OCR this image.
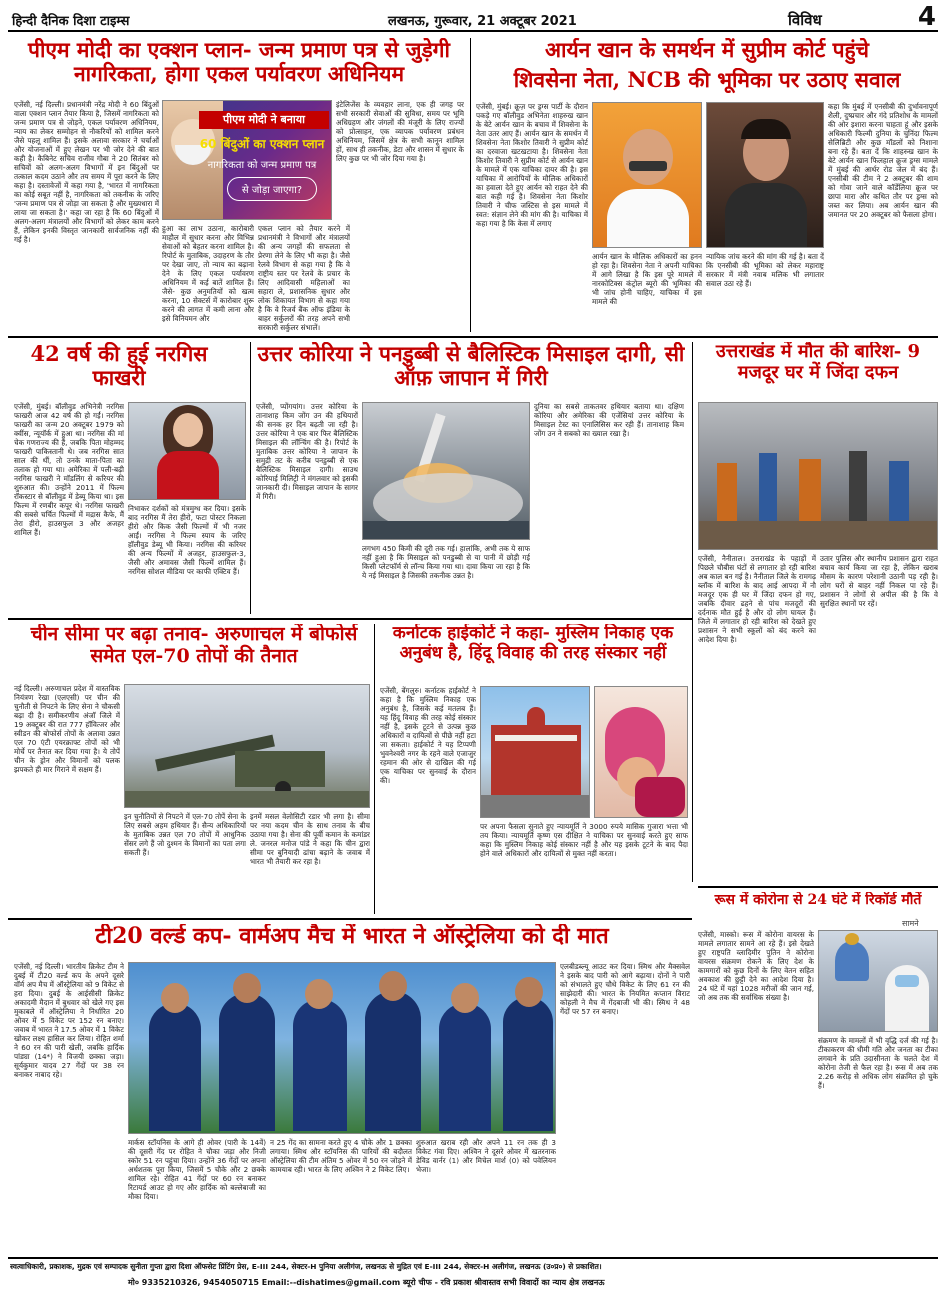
हिन्दी दैनिक दिशा टाइम्स	लखनऊ, गुरूवार, 21 अक्टूबर 2021	विविध	4
पीएम मोदी का एक्शन प्लान- जन्म प्रमाण पत्र से जुड़ेगी नागरिकता, होगा एकल पर्यावरण अधिनियम
एजेंसी, नई दिल्ली। प्रधानमंत्री नरेंद्र मोदी ने 60 बिंदुओं वाला एक्शन प्लान तैयार किया है, जिसमें नागरिकता को जन्म प्रमाण पत्र से जोड़ने, एकल पर्यावरण अधिनियम, न्याय का लेकर सम्मोहन से नौकरियों को शामिल करने जैसे पहलू शामिल हैं। इसके अलावा सरकार ने चर्चाओं और योजनाओं में हुए लेखन पर भी जोर देने की बात कही है। कैबिनेट सचिव राजीव गौबा ने 20 सितंबर को सचिवों को अलग-अलग विभागों में इन बिंदुओं पर तत्काल कदम उठाने और तय समय में पूरा करने के लिए कहा है। दस्तावेजों में कहा गया है, 'भारत में नागरिकता का कोई सबूत नहीं है, नागरिकता को तकनीक के जरिए 'जन्म प्रमाण पत्र से जोड़ा जा सकता है और मुख्यधारा में लाया जा सकता है।' कहा जा रहा है कि 60 बिंदुओं में अलग-अलग मंत्रालयों और विभागों को लेकर काम करने हैं, लेकिन इनकी विस्तृत जानकारी सार्वजनिक नहीं की गई है।
पीएम मोदी ने बनाया
60 बिंदुओं का एक्शन प्लान
नागरिकता को जन्म प्रमाण पत्र
से जोड़ा जाएगा?
हुआ का लाभ उठाना, कारोबारी माहौल में सुधार करना और विभिन्न सेवाओं को बेहतर करना शामिल है। रिपोर्ट के मुताबिक, उदाहरण के तौर पर देखा जाए, तो न्याय का बढ़ाना देने के लिए एकल पर्यावरण अधिनियम में कई बातें शामिल हैं। जैसे- कुछ अनुमतियों को खत्म करना, 10 सेक्टर्स में कारोबार शुरू करने की लागत में कमी लाना और इसे विनियमन और
एकल प्लान को तैयार करने में प्रधानमंत्री ने विभागों और मंत्रालयों की अन्य जगहों की सफलता से प्रेरणा लेने के लिए भी कहा है। जैसे रेलवे विभाग से कहा गया है कि वे राष्ट्रीय स्तर पर रेलवे के प्रचार के लिए आदिवासी महिलाओं का सहारा ले, प्रशासनिक सुधार और लोक शिकायत विभाग से कहा गया है कि वे रिजर्व बैंक ऑफ इंडिया के बाहर सर्कुलरों की तरह अपने सभी सरकारी सर्कुलर संभालें।
इंटेलिजेंस के व्यवहार लाना, एक ही जगह पर सभी सरकारी सेवाओं की सुविधा, समय पर भूमि अधिग्रहण और जंगलों की मंजूरी के लिए राज्यों को प्रोत्साहन, एक व्यापक पर्यावरण प्रबंधन अधिनियम, जिसमें क्षेत्र के सभी कानून शामिल हों, साथ ही तकनीक, डेटा और शासन में सुधार के लिए कुछ पर भी जोर दिया गया है।
आर्यन खान के समर्थन में सुप्रीम कोर्ट पहुंचे
शिवसेना नेता, NCB की भूमिका पर उठाए सवाल
एजेंसी, मुंबई। क्रूज़ पर ड्रग्स पार्टी के दौरान पकड़े गए बॉलीवुड अभिनेता शाहरुख खान के बेटे आर्यन खान के बचाव में शिवसेना के नेता उतर आए हैं। आर्यन खान के समर्थन में शिवसेना नेता किशोर तिवारी ने सुप्रीम कोर्ट का दरवाजा खटखटाया है। शिवसेना नेता किशोर तिवारी ने सुप्रीम कोर्ट से आर्यन खान के मामले में एक याचिका दायर की है। इस याचिका में आरोपियों के मौलिक अधिकारों का हवाला देते हुए आर्यन को राहत देने की बात कही गई है। शिवसेना नेता किशोर तिवारी ने चीफ जस्टिस से इस मामले में स्वत: संज्ञान लेने की मांग की है। याचिका में कहा गया है कि केस में लगाए
आर्यन खान के मौलिक अधिकारों का हनन हो रहा है। शिवसेना नेता ने अपनी याचिका में आगे लिखा है कि इस पूरे मामले में नारकोटिक्स कंट्रोल ब्यूरो की भूमिका की भी जांच होनी चाहिए, याचिका में इस मामले की
न्यायिक जांच करने की मांग की गई है। बता दें कि एनसीबी की भूमिका को लेकर महाराष्ट्र सरकार में मंत्री नवाब मलिक भी लगातार सवाल उठा रहे हैं।
कहा कि मुंबई में एनसीबी की दुर्भावनापूर्ण शैली, दुष्प्रचार और गंदे प्रतिशोध के मामलों की ओर इशारा करना चाहता हूं और इसके अधिकारी फिल्मी दुनिया के चुनिंदा फिल्म सेलिब्रिटी और कुछ मॉडलों को निशाना बना रहे हैं। बता दें कि शाहरुख खान के बेटे आर्यन खान फिलहाल क्रूज ड्रग्स मामले में मुंबई की आर्थर रोड जेल में बंद हैं। एनसीबी की टीम ने 2 अक्टूबर की शाम को गोवा जाने वाले कॉर्डेलिया क्रूज पर छापा मारा और कथित तौर पर ड्रग्स को जब्त कर लिया। अब आर्यन खान की जमानत पर 20 अक्टूबर को फैसला होगा।
42 वर्ष की हुई नरगिस फाखरी
एजेंसी, मुंबई। बॉलीवुड अभिनेत्री नरगिस फाखरी आज 42 वर्ष की हो गईं। नरगिस फाखरी का जन्म 20 अक्टूबर 1979 को क्वींस, न्यूयॉर्क में हुआ था। नरगिस की मां चेक गणराज्य की हैं, जबकि पिता मोहम्मद फाखरी पाकिस्तानी थे। जब नरगिस सात साल की थीं, तो उनके माता-पिता का तलाक हो गया था। अमेरिका में पली-बढ़ी नरगिस फाखरी ने मॉडलिंग से करियर की शुरुआत की। उन्होंने 2011 में फिल्म रॉकस्टार से बॉलीवुड में डेब्यू किया था। इस फिल्म में रणबीर कपूर थे। नरगिस फाखरी की सबसे चर्चित फिल्मों में मद्रास कैफे, मैं तेरा हीरो, हाउसफुल 3 और अजहर शामिल हैं।
निभाकर दर्शकों को मंत्रमुग्ध कर दिया। इसके बाद नरगिस मैं तेरा हीरो, फटा पोस्टर निकला हीरो और किक जैसी फिल्मों में भी नजर आईं। नरगिस ने फिल्म स्पाय के जरिए हॉलीवुड डेब्यू भी किया। नरगिस की करियर की अन्य फिल्मों में अजहर, हाउसफुल-3, जैसी और अमावस जैसी फिल्में शामिल हैं। नरगिस सोशल मीडिया पर काफी एक्टिव हैं।
उत्तर कोरिया ने पनडुब्बी से बैलिस्टिक मिसाइल दागी, सी ऑफ़ जापान में गिरी
एजेंसी, प्योंगयांग। उत्तर कोरिया के तानाशाह किम जोंग उन की हथियारों की सनक हर दिन बढ़ती जा रही है। उत्तर कोरिया ने एक बार फिर बैलिस्टिक मिसाइल की लॉन्चिंग की है। रिपोर्ट के मुताबिक उत्तर कोरिया ने जापान के समुद्री तट के करीब पनडुब्बी से एक बैलिस्टिक मिसाइल दागी। साउथ कोरियाई मिलिट्री ने मंगलवार को इसकी जानकारी दी। मिसाइल जापान के सागर में गिरी।
लगभग 450 किमी की दूरी तक गई। हालांकि, अभी तक ये साफ नहीं हुआ है कि मिसाइल को पनडुब्बी से या पानी में छोड़ी गई किसी प्लेटफॉर्म से लॉन्च किया गया था। दावा किया जा रहा है कि ये नई मिसाइल है जिसकी तकनीक उन्नत है।
दुनिया का सबसे ताकतवर हथियार बताया था। दक्षिण कोरिया और अमेरिका की एजेंसियां उत्तर कोरिया के मिसाइल टेस्ट का एनालिसिस कर रही हैं। तानाशाह किम जोंग उन ने सबको का ख्याल रखा है।
उत्तराखंड में मौत की बारिश- 9 मजदूर घर में जिंदा दफन
एजेंसी, नैनीताल। उत्तराखंड के पहाड़ों में पिछले चौबीस घंटों से लगातार हो रही बारिश अब काल बन गई है। नैनीताल जिले के रामगढ़ ब्लॉक में बारिश के बाद आई आपदा में नौ मजदूर एक ही घर में जिंदा दफन हो गए, जबकि दीवार ढहने से पांच मजदूरों की दर्दनाक मौत हुई है और दो लोग घायल हैं। जिले में लगातार हो रही बारिश को देखते हुए प्रशासन ने सभी स्कूलों को बंद करने का आदेश दिया है।
उतार पुलिस और स्थानीय प्रशासन द्वारा राहत बचाव कार्य किया जा रहा है, लेकिन खराब मौसम के कारण परेशानी उठानी पड़ रही है। लोग घरों से बाहर नहीं निकल पा रहे हैं। प्रशासन ने लोगों से अपील की है कि वे सुरक्षित स्थानों पर रहें।
चीन सीमा पर बढ़ा तनाव- अरुणाचल में बोफोर्स समेत एल-70 तोपों की तैनात
नई दिल्ली। अरुणाचल प्रदेश में वास्तविक नियंत्रण रेखा (एलएसी) पर चीन की चुनौती से निपटने के लिए सेना ने चौकसी बढ़ा दी है। समीकरणीय अंजॉ जिले में 19 अक्टूबर की रात 777 हॉवित्जर और स्वीडन की बोफोर्स तोपों के अलावा उन्नत एल 70 एंटी एयरक्राफ्ट तोपों को भी मोर्चे पर तैनात कर दिया गया है। ये तोपें चीन के ड्रोन और विमानों को पलक झपकते ही मार गिराने में सक्षम हैं।
इन चुनौतियों से निपटने में एल-70 तोपें सेना के लिए सबसे अहम हथियार हैं। सैन्य अधिकारियों के मुताबिक उन्नत एल 70 तोपों में आधुनिक सेंसर लगे हैं जो दुश्मन के विमानों का पता लगा सकती हैं।
इनमें मसल वेलोसिटी रडार भी लगा है। सीमा पर नया कदम चीन के साथ तनाव के बीच उठाया गया है। सेना की पूर्वी कमान के कमांडर ले. जनरल मनोज पांडे ने कहा कि चीन द्वारा सीमा पर बुनियादी ढांचा बढ़ाने के जवाब में भारत भी तैयारी कर रहा है।
कर्नाटक हाईकोर्ट ने कहा- मुस्लिम निकाह एक अनुबंध है, हिंदू विवाह की तरह संस्कार नहीं
एजेंसी, बेंगलुरु। कर्नाटक हाईकोर्ट ने कहा है कि मुस्लिम निकाह एक अनुबंध है, जिसके कई मतलब हैं। यह हिंदू विवाह की तरह कोई संस्कार नहीं है, इसके टूटने से उत्पन्न कुछ अधिकारों व दायित्वों से पीछे नहीं हटा जा सकता। हाईकोर्ट ने यह टिप्पणी भुवनेश्वरी नगर के रहने वाले एजाजुर रहमान की ओर से दाखिल की गई एक याचिका पर सुनवाई के दौरान की।
पर अपना फैसला सुनाते हुए न्यायमूर्ति ने 3000 रुपये मासिक गुजारा भत्ता भी तय किया। न्यायमूर्ति कृष्ण एस दीक्षित ने याचिका पर सुनवाई करते हुए साफ कहा कि मुस्लिम निकाह कोई संस्कार नहीं है और यह इसके टूटने के बाद पैदा होने वाले अधिकारों और दायित्वों से मुक्त नहीं करता।
रूस में कोरोना से 24 घंटे में रिकॉर्ड मौतें
सामने
एजेंसी, मास्को। रूस में कोरोना वायरस के मामले लगातार सामने आ रहे हैं। इसे देखते हुए राष्ट्रपति व्लादिमीर पुतिन ने कोरोना वायरस संक्रमण रोकने के लिए देश के कामगारों को कुछ दिनों के लिए वेतन सहित अवकाश की छुट्टी देने का आदेश दिया है। 24 घंटे में यहां 1028 मरीजों की जान गई, जो अब तक की सर्वाधिक संख्या है।
संक्रमण के मामलों में भी वृद्धि दर्ज की गई है। टीकाकरण की धीमी गति और जनता का टीका लगवाने के प्रति उदासीनता के चलते देश में कोरोना तेजी से फैल रहा है। रूस में अब तक 2.26 करोड़ से अधिक लोग संक्रमित हो चुके हैं।
टी20 वर्ल्ड कप- वार्मअप मैच में भारत ने ऑस्ट्रेलिया को दी मात
एजेंसी, नई दिल्ली। भारतीय क्रिकेट टीम ने दुबई में टी20 वर्ल्ड कप के अपने दूसरे वॉर्म अप मैच में ऑस्ट्रेलिया को 9 विकेट से हरा दिया। दुबई के आईसीसी क्रिकेट अकादमी मैदान में बुधवार को खेले गए इस मुकाबले में ऑस्ट्रेलिया ने निर्धारित 20 ओवर में 5 विकेट पर 152 रन बनाए। जवाब में भारत ने 17.5 ओवर में 1 विकेट खोकर लक्ष्य हासिल कर लिया। रोहित शर्मा ने 60 रन की पारी खेली, जबकि हार्दिक पांड्या (14*) ने विजयी छक्का जड़ा। सूर्यकुमार यादव 27 गेंदों पर 38 रन बनाकर नाबाद रहे।
मार्कस स्टॉयनिस के आगे ही ओवर (पारी के 14वें) की दूसरी गेंद पर रोहित ने चौका जड़ा और निजी स्कोर 51 रन पहुंचा दिया। उन्होंने 36 गेंदों पर अपना अर्धशतक पूरा किया, जिसमें 5 चौके और 2 छक्के शामिल रहे। रोहित 41 गेंदों पर 60 रन बनाकर रिटायर्ड आउट हो गए और हार्दिक को बल्लेबाजी का मौका दिया।
न 25 गेंद का सामना करते हुए 4 चौके और 1 छक्का लगाया। स्मिथ और स्टॉयनिस की पारियों की बदौलत ऑस्ट्रेलिया की टीम अंतिम 5 ओवर में 50 रन जोड़ने में कामयाब रही। भारत के लिए अश्विन ने 2 विकेट लिए।
शुरुआत खराब रही और अपने 11 रन तक ही 3 विकेट गंवा दिए। अश्विन ने दूसरे ओवर में खतरनाक डेविड वार्नर (1) और मिचेल मार्श (0) को पवेलियन भेजा।
एलबीडब्ल्यू आउट कर दिया। स्मिथ और मैक्सवेल ने इसके बाद पारी को आगे बढ़ाया। दोनों ने पारी को संभालते हुए चौथे विकेट के लिए 61 रन की साझेदारी की। भारत के नियमित कप्तान विराट कोहली ने मैच में गेंदबाजी भी की। स्मिथ ने 48 गेंदों पर 57 रन बनाए।
स्वत्वाधिकारी, प्रकाशक, मुद्रक एवं सम्पादक सुनीता गुप्ता द्वारा दिशा ऑफसेट प्रिंटिंग प्रेस, E-III 244, सेक्टर-H पुनिया अलीगंज, लखनऊ से मुद्रित एवं E-III 244, सेक्टर-H अलीगंज, लखनऊ (उ०प्र०) से प्रकाशित।
मो० 9335210326, 9454050715 Email:--dishatimes@gmail.com ब्यूरो चीफ - रवि प्रकाश श्रीवास्तव सभी विवादों का न्याय क्षेत्र लखनऊ
